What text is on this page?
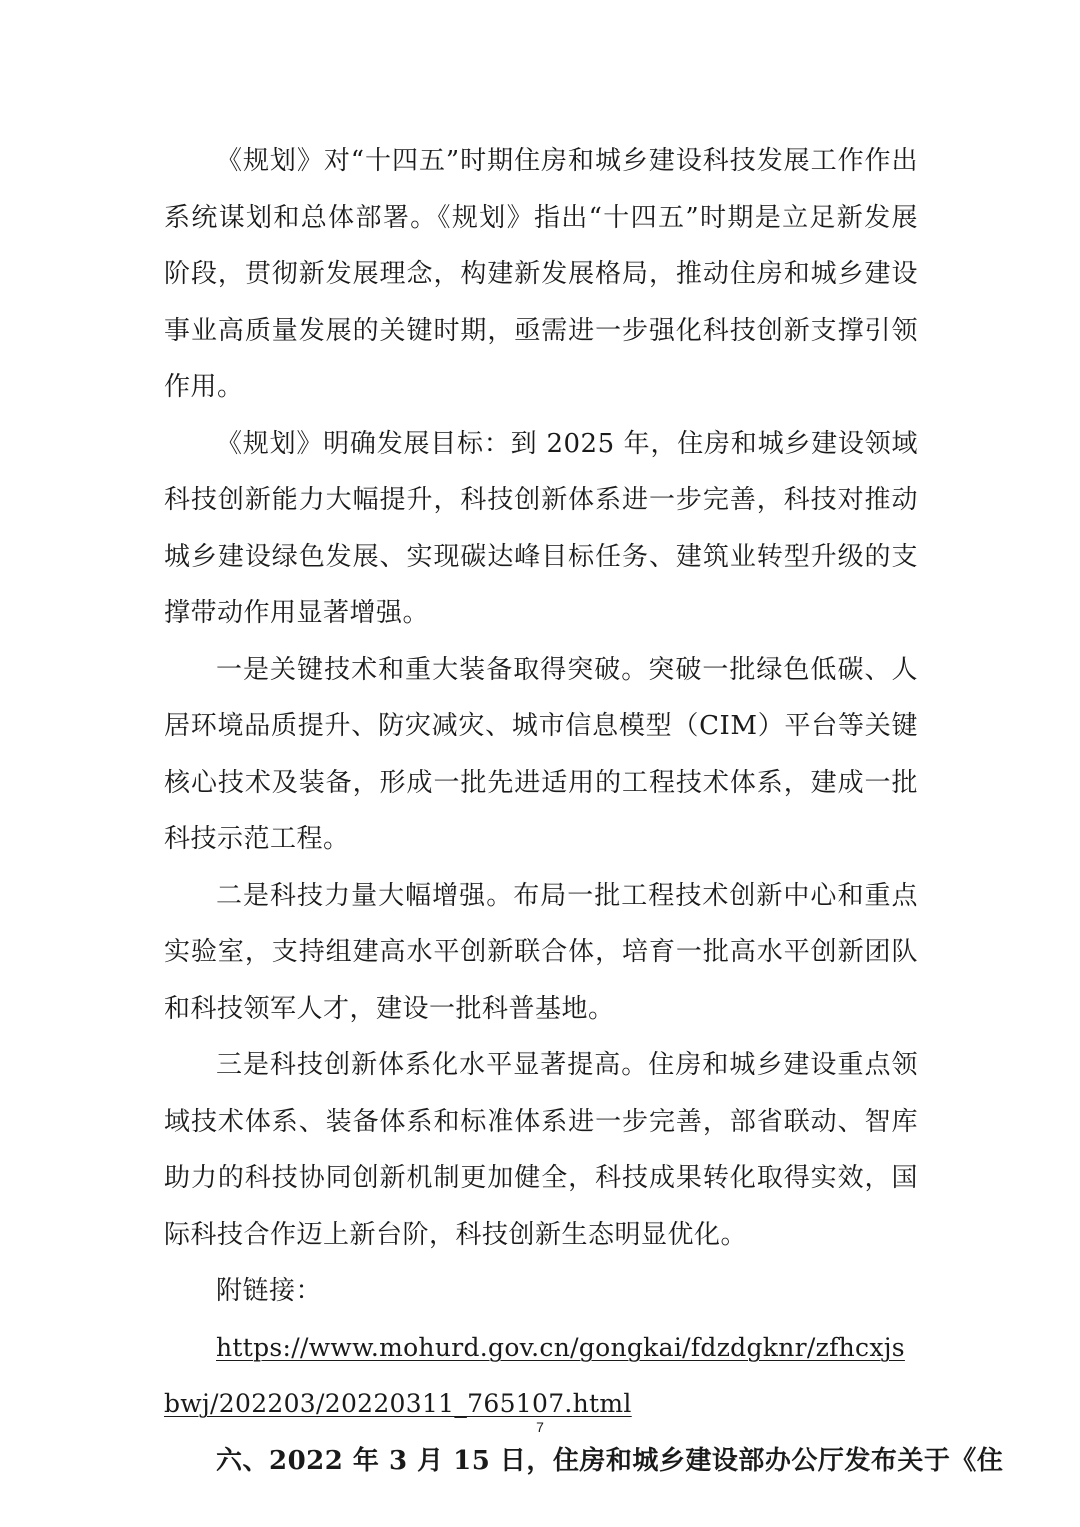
《规划》对“十四五”时期住房和城乡建设科技发展工作作出系统谋划和总体部署。《规划》指出“十四五”时期是立足新发展阶段，贯彻新发展理念，构建新发展格局，推动住房和城乡建设事业高质量发展的关键时期，亟需进一步强化科技创新支撑引领作用。

《规划》明确发展目标：到 2025 年，住房和城乡建设领域科技创新能力大幅提升，科技创新体系进一步完善，科技对推动城乡建设绿色发展、实现碳达峰目标任务、建筑业转型升级的支撑带动作用显著增强。

一是关键技术和重大装备取得突破。突破一批绿色低碳、人居环境品质提升、防灾减灾、城市信息模型（CIM）平台等关键核心技术及装备，形成一批先进适用的工程技术体系，建成一批科技示范工程。

二是科技力量大幅增强。布局一批工程技术创新中心和重点实验室，支持组建高水平创新联合体，培育一批高水平创新团队和科技领军人才，建设一批科普基地。

三是科技创新体系化水平显著提高。住房和城乡建设重点领域技术体系、装备体系和标准体系进一步完善，部省联动、智库助力的科技协同创新机制更加健全，科技成果转化取得实效，国际科技合作迈上新台阶，科技创新生态明显优化。

附链接：

https://www.mohurd.gov.cn/gongkai/fdzdgknr/zfhcxjsbwj/202203/20220311_765107.html

六、2022 年 3 月 15 日，住房和城乡建设部办公厅发布关于《住

7
